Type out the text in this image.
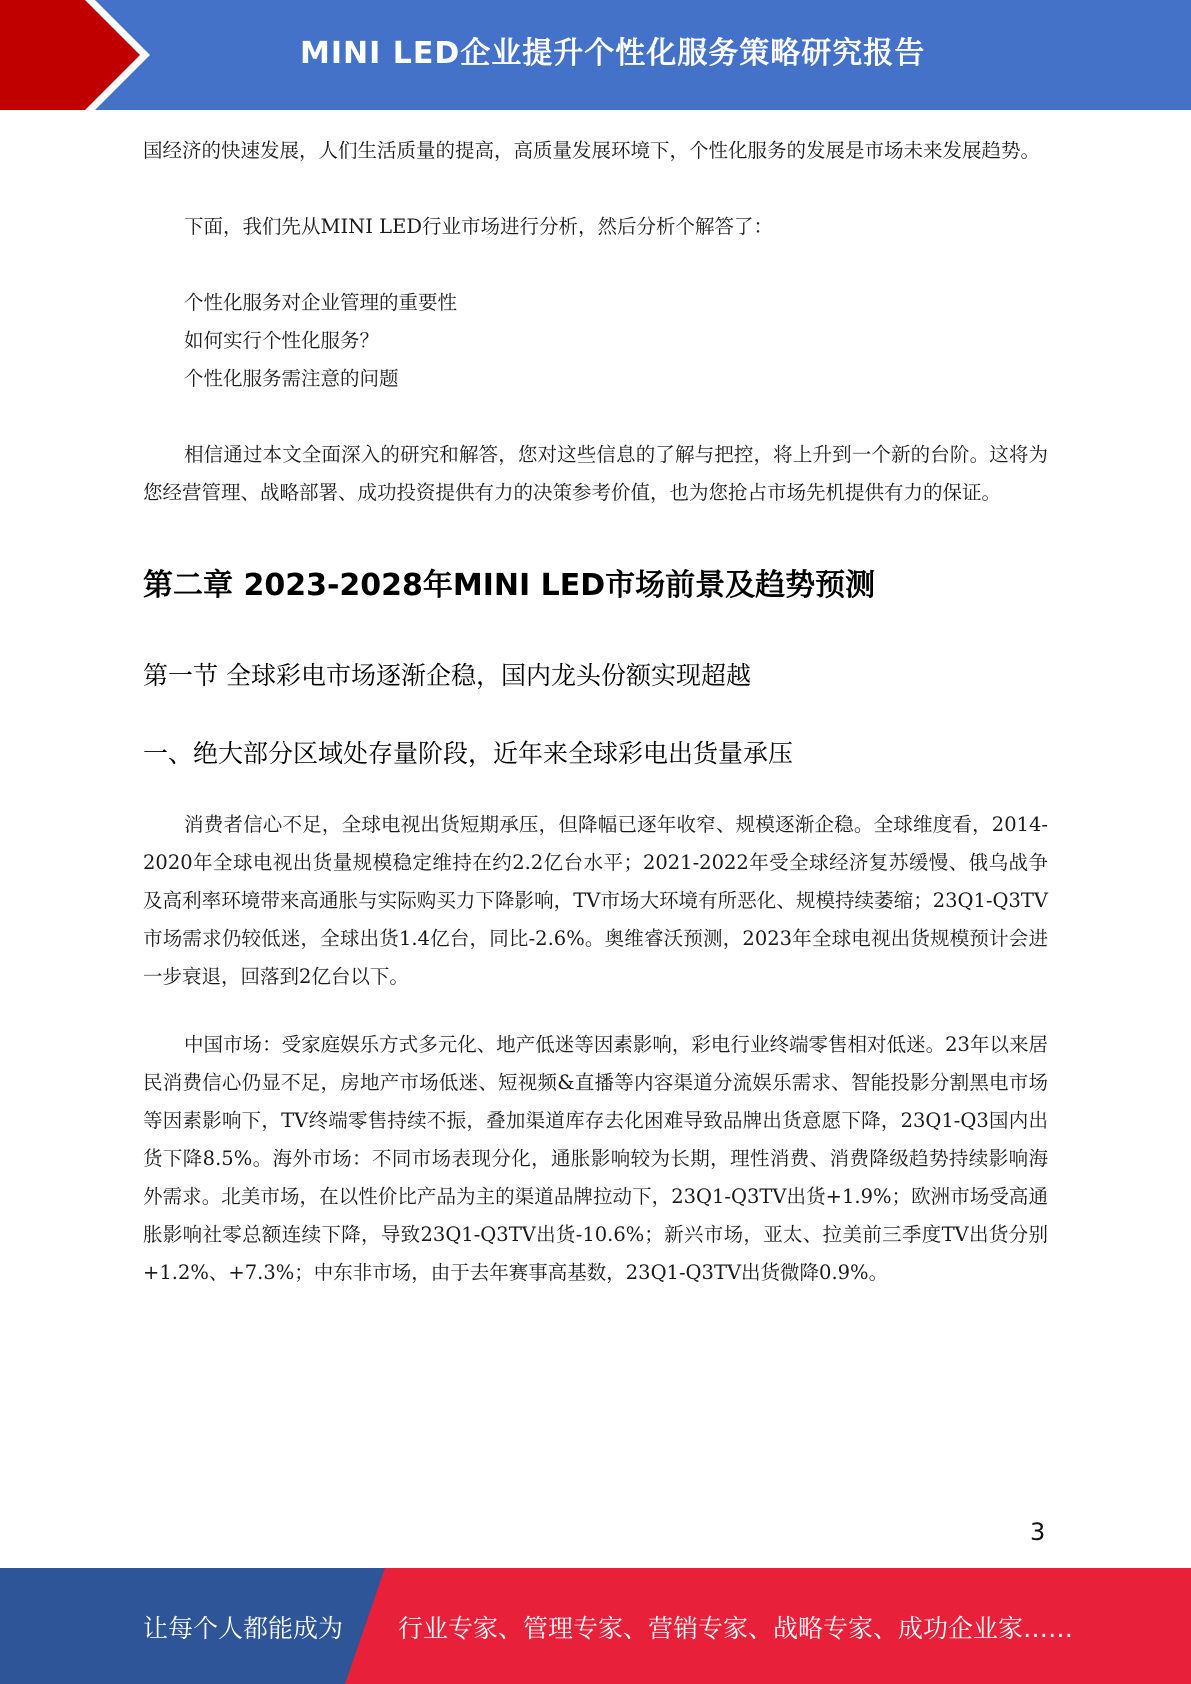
MINI LED企业提升个性化服务策略研究报告

国经济的快速发展，人们生活质量的提高，高质量发展环境下，个性化服务的发展是市场未来发展趋势。

下面，我们先从MINI LED行业市场进行分析，然后分析个解答了：

个性化服务对企业管理的重要性
如何实行个性化服务？
个性化服务需注意的问题

相信通过本文全面深入的研究和解答，您对这些信息的了解与把控，将上升到一个新的台阶。这将为您经营管理、战略部署、成功投资提供有力的决策参考价值，也为您抢占市场先机提供有力的保证。

第二章 2023-2028年MINI LED市场前景及趋势预测
第一节 全球彩电市场逐渐企稳，国内龙头份额实现超越
一、绝大部分区域处存量阶段，近年来全球彩电出货量承压

消费者信心不足，全球电视出货短期承压，但降幅已逐年收窄、规模逐渐企稳。全球维度看，2014-2020年全球电视出货量规模稳定维持在约2.2亿台水平；2021-2022年受全球经济复苏缓慢、俄乌战争及高利率环境带来高通胀与实际购买力下降影响，TV市场大环境有所恶化、规模持续萎缩；23Q1-Q3TV市场需求仍较低迷，全球出货1.4亿台，同比-2.6%。奥维睿沃预测，2023年全球电视出货规模预计会进一步衰退，回落到2亿台以下。

中国市场：受家庭娱乐方式多元化、地产低迷等因素影响，彩电行业终端零售相对低迷。23年以来居民消费信心仍显不足，房地产市场低迷、短视频&直播等内容渠道分流娱乐需求、智能投影分割黑电市场等因素影响下，TV终端零售持续不振，叠加渠道库存去化困难导致品牌出货意愿下降，23Q1-Q3国内出货下降8.5%。海外市场：不同市场表现分化，通胀影响较为长期，理性消费、消费降级趋势持续影响海外需求。北美市场，在以性价比产品为主的渠道品牌拉动下，23Q1-Q3TV出货+1.9%；欧洲市场受高通胀影响社零总额连续下降，导致23Q1-Q3TV出货-10.6%；新兴市场，亚太、拉美前三季度TV出货分别+1.2%、+7.3%；中东非市场，由于去年赛事高基数，23Q1-Q3TV出货微降0.9%。

3
让每个人都能成为 行业专家、管理专家、营销专家、战略专家、成功企业家……
